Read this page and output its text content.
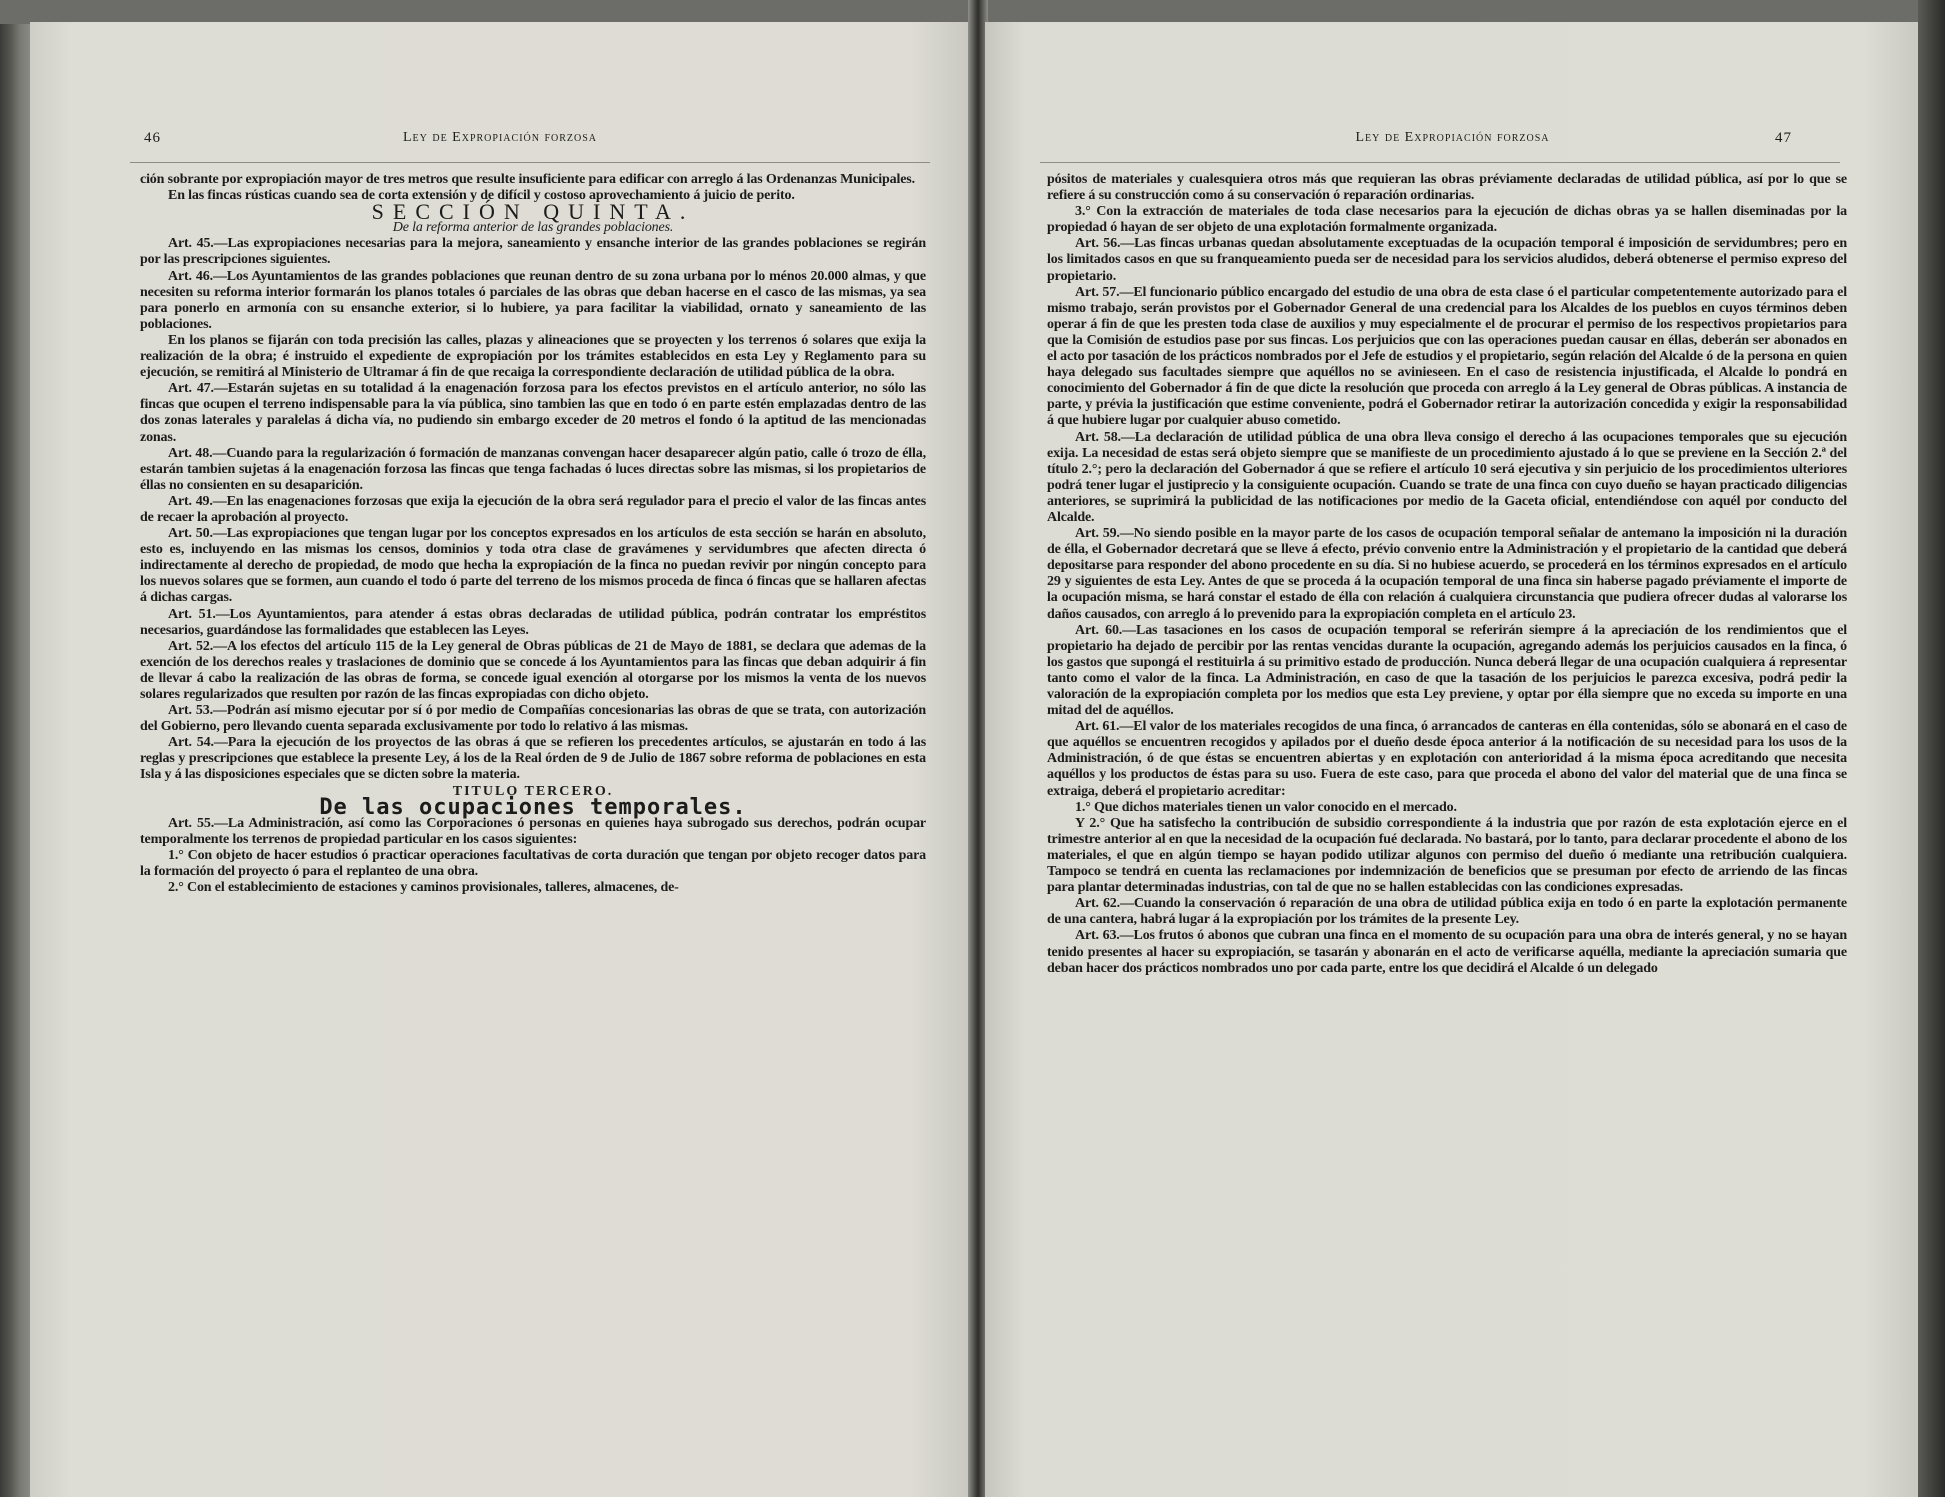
46	Ley de Expropiación forzosa

ción sobrante por expropiación mayor de tres metros que resulte insuficiente para edificar con arreglo á las Ordenanzas Municipales.

En las fincas rústicas cuando sea de corta extensión y de difícil y costoso aprovechamiento á juicio de perito.

SECCIÓN QUINTA.

De la reforma anterior de las grandes poblaciones.

Art. 45.—Las expropiaciones necesarias para la mejora, saneamiento y ensanche interior de las grandes poblaciones se regirán por las prescripciones siguientes.

Art. 46.—Los Ayuntamientos de las grandes poblaciones que reunan dentro de su zona urbana por lo ménos 20.000 almas, y que necesiten su reforma interior formarán los planos totales ó parciales de las obras que deban hacerse en el casco de las mismas, ya sea para ponerlo en armonía con su ensanche exterior, si lo hubiere, ya para facilitar la viabilidad, ornato y saneamiento de las poblaciones.

En los planos se fijarán con toda precisión las calles, plazas y alineaciones que se proyecten y los terrenos ó solares que exija la realización de la obra; é instruido el expediente de expropiación por los trámites establecidos en esta Ley y Reglamento para su ejecución, se remitirá al Ministerio de Ultramar á fin de que recaiga la correspondiente declaración de utilidad pública de la obra.

Art. 47.—Estarán sujetas en su totalidad á la enagenación forzosa para los efectos previstos en el artículo anterior, no sólo las fincas que ocupen el terreno indispensable para la vía pública, sino tambien las que en todo ó en parte estén emplazadas dentro de las dos zonas laterales y paralelas á dicha vía, no pudiendo sin embargo exceder de 20 metros el fondo ó la aptitud de las mencionadas zonas.

Art. 48.—Cuando para la regularización ó formación de manzanas convengan hacer desaparecer algún patio, calle ó trozo de élla, estarán tambien sujetas á la enagenación forzosa las fincas que tenga fachadas ó luces directas sobre las mismas, si los propietarios de éllas no consienten en su desaparición.

Art. 49.—En las enagenaciones forzosas que exija la ejecución de la obra será regulador para el precio el valor de las fincas antes de recaer la aprobación al proyecto.

Art. 50.—Las expropiaciones que tengan lugar por los conceptos expresados en los artículos de esta sección se harán en absoluto, esto es, incluyendo en las mismas los censos, dominios y toda otra clase de gravámenes y servidumbres que afecten directa ó indirectamente al derecho de propiedad, de modo que hecha la expropiación de la finca no puedan revivir por ningún concepto para los nuevos solares que se formen, aun cuando el todo ó parte del terreno de los mismos proceda de finca ó fincas que se hallaren afectas á dichas cargas.

Art. 51.—Los Ayuntamientos, para atender á estas obras declaradas de utilidad pública, podrán contratar los empréstitos necesarios, guardándose las formalidades que establecen las Leyes.

Art. 52.—A los efectos del artículo 115 de la Ley general de Obras públicas de 21 de Mayo de 1881, se declara que ademas de la exención de los derechos reales y traslaciones de dominio que se concede á los Ayuntamientos para las fincas que deban adquirir á fin de llevar á cabo la realización de las obras de forma, se concede igual exención al otorgarse por los mismos la venta de los nuevos solares regularizados que resulten por razón de las fincas expropiadas con dicho objeto.

Art. 53.—Podrán así mismo ejecutar por sí ó por medio de Compañías concesionarias las obras de que se trata, con autorización del Gobierno, pero llevando cuenta separada exclusivamente por todo lo relativo á las mismas.

Art. 54.—Para la ejecución de los proyectos de las obras á que se refieren los precedentes artículos, se ajustarán en todo á las reglas y prescripciones que establece la presente Ley, á los de la Real órden de 9 de Julio de 1867 sobre reforma de poblaciones en esta Isla y á las disposiciones especiales que se dicten sobre la materia.

TITULO TERCERO.

De las ocupaciones temporales.

Art. 55.—La Administración, así como las Corporaciones ó personas en quienes haya subrogado sus derechos, podrán ocupar temporalmente los terrenos de propiedad particular en los casos siguientes:

1.° Con objeto de hacer estudios ó practicar operaciones facultativas de corta duración que tengan por objeto recoger datos para la formación del proyecto ó para el replanteo de una obra.

2.° Con el establecimiento de estaciones y caminos provisionales, talleres, almacenes, de-

Ley de Expropiación forzosa	47

pósitos de materiales y cualesquiera otros más que requieran las obras préviamente declaradas de utilidad pública, así por lo que se refiere á su construcción como á su conservación ó reparación ordinarias.

3.° Con la extracción de materiales de toda clase necesarios para la ejecución de dichas obras ya se hallen diseminadas por la propiedad ó hayan de ser objeto de una explotación formalmente organizada.

Art. 56.—Las fincas urbanas quedan absolutamente exceptuadas de la ocupación temporal é imposición de servidumbres; pero en los limitados casos en que su franqueamiento pueda ser de necesidad para los servicios aludidos, deberá obtenerse el permiso expreso del propietario.

Art. 57.—El funcionario público encargado del estudio de una obra de esta clase ó el particular competentemente autorizado para el mismo trabajo, serán provistos por el Gobernador General de una credencial para los Alcaldes de los pueblos en cuyos términos deben operar á fin de que les presten toda clase de auxilios y muy especialmente el de procurar el permiso de los respectivos propietarios para que la Comisión de estudios pase por sus fincas. Los perjuicios que con las operaciones puedan causar en éllas, deberán ser abonados en el acto por tasación de los prácticos nombrados por el Jefe de estudios y el propietario, según relación del Alcalde ó de la persona en quien haya delegado sus facultades siempre que aquéllos no se avinieseen. En el caso de resistencia injustificada, el Alcalde lo pondrá en conocimiento del Gobernador á fin de que dicte la resolución que proceda con arreglo á la Ley general de Obras públicas. A instancia de parte, y prévia la justificación que estime conveniente, podrá el Gobernador retirar la autorización concedida y exigir la responsabilidad á que hubiere lugar por cualquier abuso cometido.

Art. 58.—La declaración de utilidad pública de una obra lleva consigo el derecho á las ocupaciones temporales que su ejecución exija. La necesidad de estas será objeto siempre que se manifieste de un procedimiento ajustado á lo que se previene en la Sección 2.ª del título 2.°; pero la declaración del Gobernador á que se refiere el artículo 10 será ejecutiva y sin perjuicio de los procedimientos ulteriores podrá tener lugar el justiprecio y la consiguiente ocupación. Cuando se trate de una finca con cuyo dueño se hayan practicado diligencias anteriores, se suprimirá la publicidad de las notificaciones por medio de la Gaceta oficial, entendiéndose con aquél por conducto del Alcalde.

Art. 59.—No siendo posible en la mayor parte de los casos de ocupación temporal señalar de antemano la imposición ni la duración de élla, el Gobernador decretará que se lleve á efecto, prévio convenio entre la Administración y el propietario de la cantidad que deberá depositarse para responder del abono procedente en su día. Si no hubiese acuerdo, se procederá en los términos expresados en el artículo 29 y siguientes de esta Ley. Antes de que se proceda á la ocupación temporal de una finca sin haberse pagado préviamente el importe de la ocupación misma, se hará constar el estado de élla con relación á cualquiera circunstancia que pudiera ofrecer dudas al valorarse los daños causados, con arreglo á lo prevenido para la expropiación completa en el artículo 23.

Art. 60.—Las tasaciones en los casos de ocupación temporal se referirán siempre á la apreciación de los rendimientos que el propietario ha dejado de percibir por las rentas vencidas durante la ocupación, agregando además los perjuicios causados en la finca, ó los gastos que supongá el restituirla á su primitivo estado de producción. Nunca deberá llegar de una ocupación cualquiera á representar tanto como el valor de la finca. La Administración, en caso de que la tasación de los perjuicios le parezca excesiva, podrá pedir la valoración de la expropiación completa por los medios que esta Ley previene, y optar por élla siempre que no exceda su importe en una mitad del de aquéllos.

Art. 61.—El valor de los materiales recogidos de una finca, ó arrancados de canteras en élla contenidas, sólo se abonará en el caso de que aquéllos se encuentren recogidos y apilados por el dueño desde época anterior á la notificación de su necesidad para los usos de la Administración, ó de que éstas se encuentren abiertas y en explotación con anterioridad á la misma época acreditando que necesita aquéllos y los productos de éstas para su uso. Fuera de este caso, para que proceda el abono del valor del material que de una finca se extraiga, deberá el propietario acreditar:

1.° Que dichos materiales tienen un valor conocido en el mercado.

Y 2.° Que ha satisfecho la contribución de subsidio correspondiente á la industria que por razón de esta explotación ejerce en el trimestre anterior al en que la necesidad de la ocupación fué declarada. No bastará, por lo tanto, para declarar procedente el abono de los materiales, el que en algún tiempo se hayan podido utilizar algunos con permiso del dueño ó mediante una retribución cualquiera. Tampoco se tendrá en cuenta las reclamaciones por indemnización de beneficios que se presuman por efecto de arriendo de las fincas para plantar determinadas industrias, con tal de que no se hallen establecidas con las condiciones expresadas.

Art. 62.—Cuando la conservación ó reparación de una obra de utilidad pública exija en todo ó en parte la explotación permanente de una cantera, habrá lugar á la expropiación por los trámites de la presente Ley.

Art. 63.—Los frutos ó abonos que cubran una finca en el momento de su ocupación para una obra de interés general, y no se hayan tenido presentes al hacer su expropiación, se tasarán y abonarán en el acto de verificarse aquélla, mediante la apreciación sumaria que deban hacer dos prácticos nombrados uno por cada parte, entre los que decidirá el Alcalde ó un delegado
